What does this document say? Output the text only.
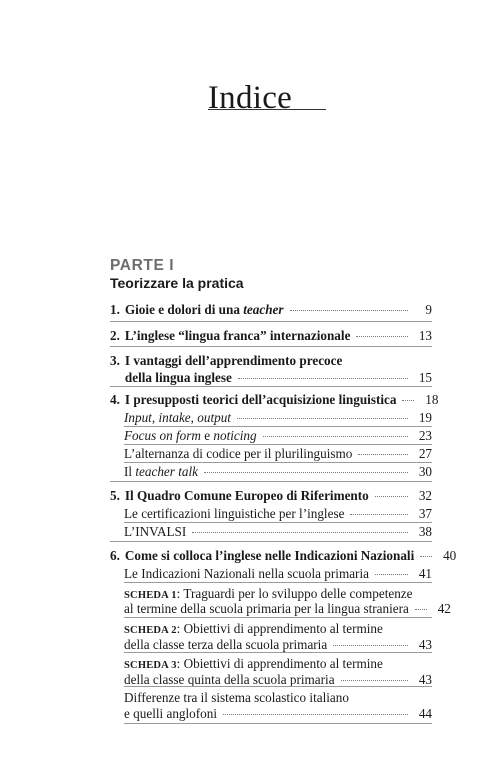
Indice
PARTE I
Teorizzare la pratica
1. Gioie e dolori di una teacher	9
2. L’inglese “lingua franca” internazionale	13
3. I vantaggi dell’apprendimento precoce
della lingua inglese	15
4. I presupposti teorici dell’acquisizione linguistica 18
Input, intake, output	19
Focus on form e noticing	23
L’alternanza di codice per il plurilinguismo	27
Il teacher talk	30
5. Il Quadro Comune Europeo di Riferimento	32
Le certificazioni linguistiche per l’inglese	37
L’INVALSI	38
6. Come si colloca l’inglese nelle Indicazioni Nazionali 40
Le Indicazioni Nazionali nella scuola primaria	41
SCHEDA 1 : Traguardi per lo sviluppo delle competenze
al termine della scuola primaria per la lingua straniera 42
SCHEDA 2 : Obiettivi di apprendimento al termine
della classe terza della scuola primaria	43
SCHEDA 3 : Obiettivi di apprendimento al termine
della classe quinta della scuola primaria	43
Differenze tra il sistema scolastico italiano
e quelli anglofoni	44
